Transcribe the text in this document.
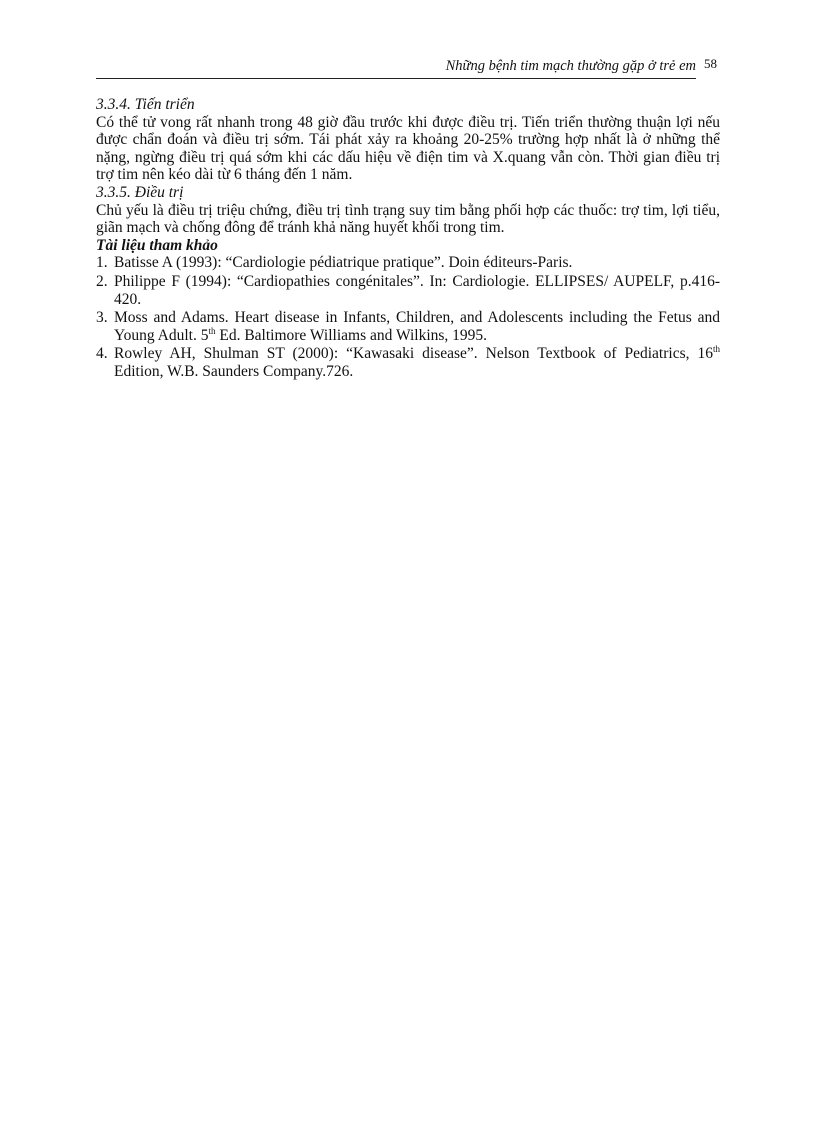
Những bệnh tim mạch thường gặp ở trẻ em 58

3.3.4. Tiến triển

Có thể tử vong rất nhanh trong 48 giờ đầu trước khi được điều trị. Tiến triển thường thuận lợi nếu được chẩn đoán và điều trị sớm. Tái phát xảy ra khoảng 20-25% trường hợp nhất là ở những thể nặng, ngừng điều trị quá sớm khi các dấu hiệu về điện tim và X.quang vẫn còn. Thời gian điều trị trợ tim nên kéo dài từ 6 tháng đến 1 năm.

3.3.5. Điều trị

Chủ yếu là điều trị triệu chứng, điều trị tình trạng suy tim bằng phối hợp các thuốc: trợ tim, lợi tiểu, giãn mạch và chống đông để tránh khả năng huyết khối trong tim.

Tài liệu tham khảo

1. Batisse A (1993): “Cardiologie pédiatrique pratique”. Doin éditeurs-Paris.
2. Philippe F (1994): “Cardiopathies congénitales”. In: Cardiologie. ELLIPSES/ AUPELF, p.416-420.
3. Moss and Adams. Heart disease in Infants, Children, and Adolescents including the Fetus and Young Adult. 5th Ed. Baltimore Williams and Wilkins, 1995.
4. Rowley AH, Shulman ST (2000): “Kawasaki disease”. Nelson Textbook of Pediatrics, 16th Edition, W.B. Saunders Company.726.
